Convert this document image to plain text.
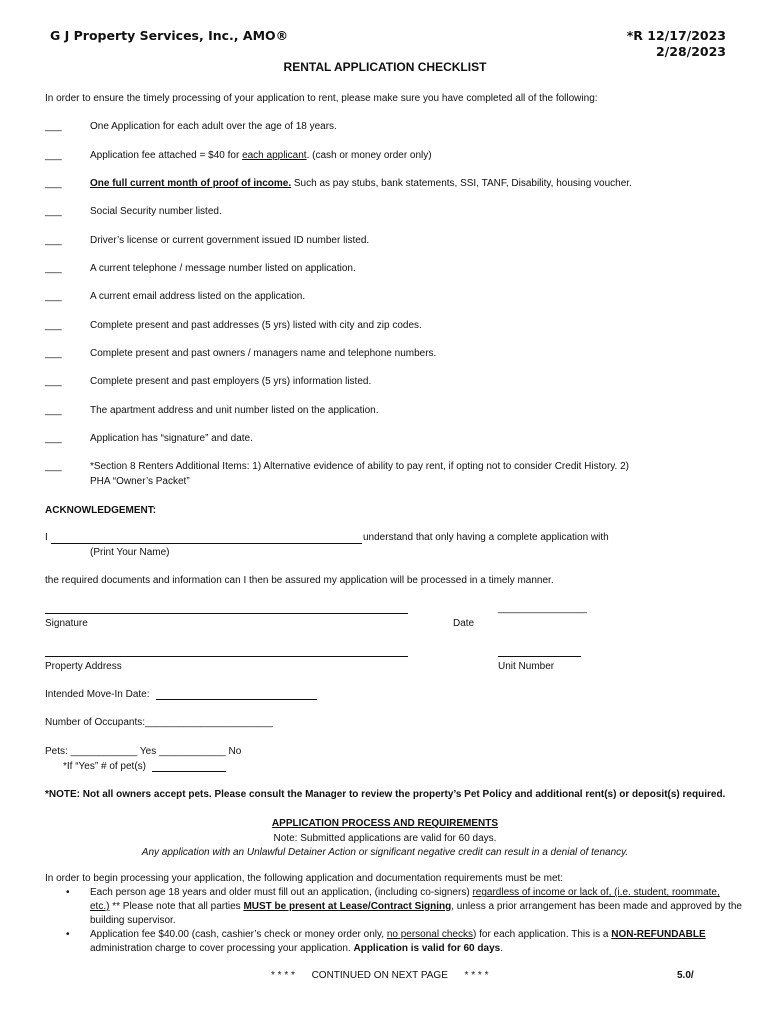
G J Property Services, Inc., AMO®	*R 12/17/2023
2/28/2023
RENTAL APPLICATION CHECKLIST
In order to ensure the timely processing of your application to rent, please make sure you have completed all of the following:
___	One Application for each adult over the age of 18 years.
___	Application fee attached = $40 for each applicant. (cash or money order only)
___	One full current month of proof of income. Such as pay stubs, bank statements, SSI, TANF, Disability, housing voucher.
___	Social Security number listed.
___	Driver’s license or current government issued ID number listed.
___	A current telephone / message number listed on application.
___	A current email address listed on the application.
___	Complete present and past addresses (5 yrs) listed with city and zip codes.
___	Complete present and past owners / managers name and telephone numbers.
___	Complete present and past employers (5 yrs) information listed.
___	The apartment address and unit number listed on the application.
___	Application has “signature” and date.
___	*Section 8 Renters Additional Items: 1) Alternative evidence of ability to pay rent, if opting not to consider Credit History. 2)
PHA “Owner’s Packet”
ACKNOWLEDGEMENT:
I	understand that only having a complete application with
(Print Your Name)
the required documents and information can I then be assured my application will be processed in a timely manner.
________________
Signature	Date
Property Address	Unit Number
Intended Move-In Date:
Number of Occupants:_______________________
Pets: ____________ Yes ____________ No
*If “Yes” # of pet(s)
*NOTE: Not all owners accept pets. Please consult the Manager to review the property’s Pet Policy and additional rent(s) or deposit(s) required.
APPLICATION PROCESS AND REQUIREMENTS
Note: Submitted applications are valid for 60 days.
Any application with an Unlawful Detainer Action or significant negative credit can result in a denial of tenancy.
In order to begin processing your application, the following application and documentation requirements must be met:
• Each person age 18 years and older must fill out an application, (including co-signers) regardless of income or lack of, (i.e. student, roommate,
etc.) ** Please note that all parties MUST be present at Lease/Contract Signing, unless a prior arrangement has been made and approved by the
building supervisor.
• Application fee $40.00 (cash, cashier’s check or money order only, no personal checks) for each application. This is a NON-REFUNDABLE
administration charge to cover processing your application. Application is valid for 60 days.
* * * *      CONTINUED ON NEXT PAGE      * * * *	5.0/
